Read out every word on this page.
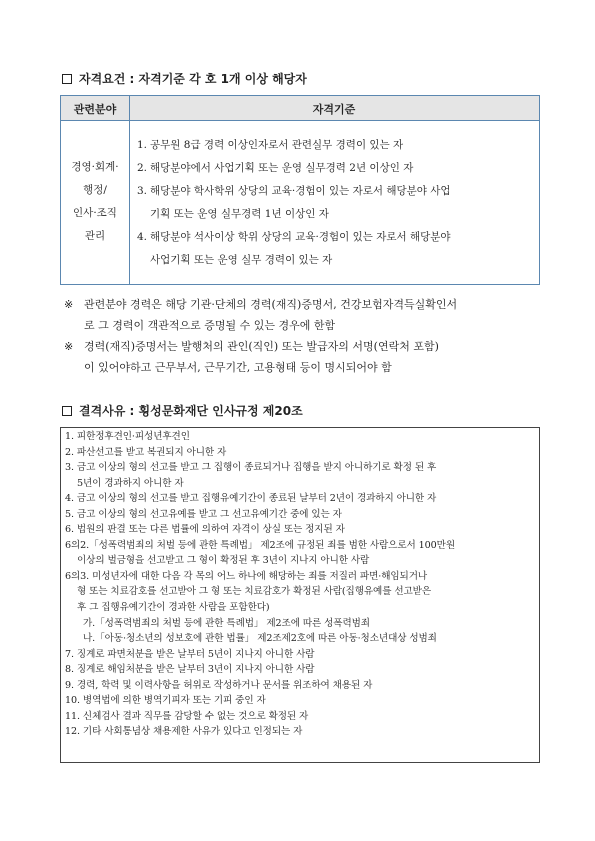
자격요건 : 자격기준 각 호 1개 이상 해당자
관련분야	자격기준
경영·회계·
행정/
인사·조직
관리
1. 공무원 8급 경력 이상인자로서 관련실무 경력이 있는 자
2. 해당분야에서 사업기획 또는 운영 실무경력 2년 이상인 자
3. 해당분야 학사학위 상당의 교육·경험이 있는 자로서 해당분야 사업
기획 또는 운영 실무경력 1년 이상인 자
4. 해당분야 석사이상 학위 상당의 교육·경험이 있는 자로서 해당분야
사업기획 또는 운영 실무 경력이 있는 자
※ 관련분야 경력은 해당 기관·단체의 경력(재직)증명서, 건강보험자격득실확인서
로 그 경력이 객관적으로 증명될 수 있는 경우에 한함
※ 경력(재직)증명서는 발행처의 관인(직인) 또는 발급자의 서명(연락처 포함)
이 있어야하고 근무부서, 근무기간, 고용형태 등이 명시되어야 함
결격사유 : 횡성문화재단 인사규정 제20조
1. 피한정후견인·피성년후견인
2. 파산선고를 받고 복권되지 아니한 자
3. 금고 이상의 형의 선고를 받고 그 집행이 종료되거나 집행을 받지 아니하기로 확정 된 후
5년이 경과하지 아니한 자
4. 금고 이상의 형의 선고를 받고 집행유예기간이 종료된 날부터 2년이 경과하지 아니한 자
5. 금고 이상의 형의 선고유예를 받고 그 선고유예기간 중에 있는 자
6. 법원의 판결 또는 다른 법률에 의하여 자격이 상실 또는 정지된 자
6의2.「성폭력범죄의 처벌 등에 관한 특례법」 제2조에 규정된 죄를 범한 사람으로서 100만원
이상의 벌금형을 선고받고 그 형이 확정된 후 3년이 지나지 아니한 사람
6의3. 미성년자에 대한 다음 각 목의 어느 하나에 해당하는 죄를 저질러 파면·해임되거나
형 또는 치료감호를 선고받아 그 형 또는 치료감호가 확정된 사람(집행유예를 선고받은
후 그 집행유예기간이 경과한 사람을 포함한다)
가.「성폭력범죄의 처벌 등에 관한 특례법」 제2조에 따른 성폭력범죄
나.「아동·청소년의 성보호에 관한 법률」 제2조제2호에 따른 아동·청소년대상 성범죄
7. 징계로 파면처분을 받은 날부터 5년이 지나지 아니한 사람
8. 징계로 해임처분을 받은 날부터 3년이 지나지 아니한 사람
9. 경력, 학력 및 이력사항을 허위로 작성하거나 문서를 위조하여 채용된 자
10. 병역법에 의한 병역기피자 또는 기피 중인 자
11. 신체검사 결과 직무를 감당할 수 없는 것으로 확정된 자
12. 기타 사회통념상 채용제한 사유가 있다고 인정되는 자
